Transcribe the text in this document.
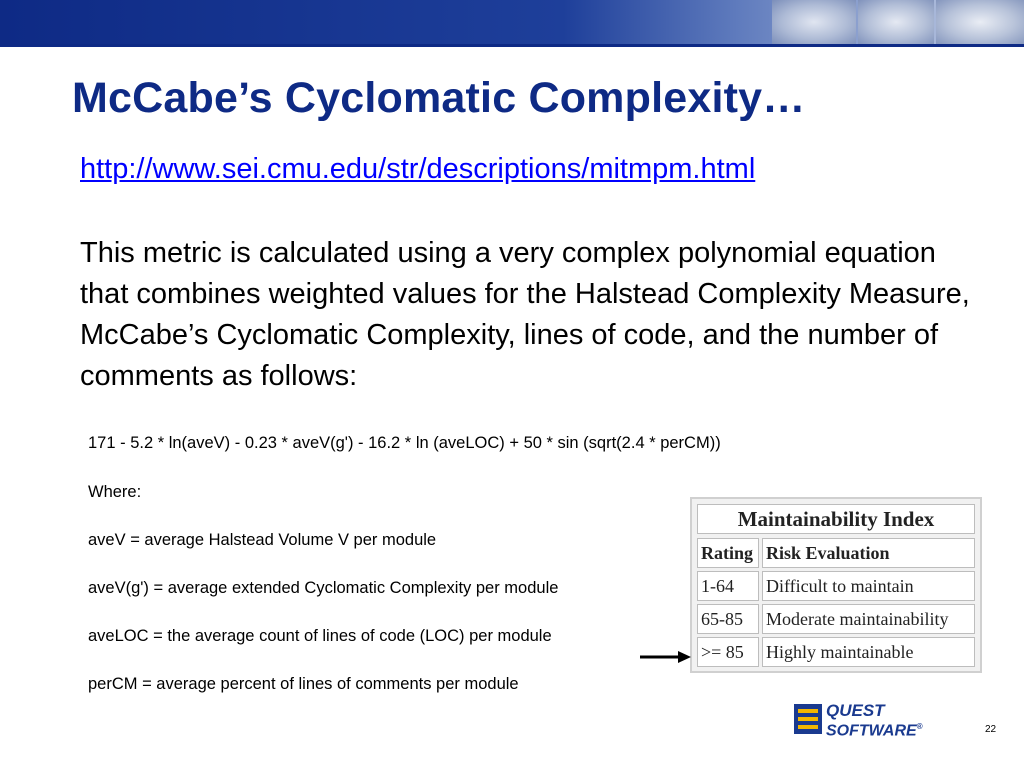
McCabe’s Cyclomatic Complexity…
http://www.sei.cmu.edu/str/descriptions/mitmpm.html

This metric is calculated using a very complex polynomial equation that combines weighted values for the Halstead Complexity Measure, McCabe’s Cyclomatic Complexity, lines of code, and the number of comments as follows:

171 - 5.2 * ln(aveV) - 0.23 * aveV(g') - 16.2 * ln (aveLOC) + 50 * sin (sqrt(2.4 * perCM))
Where:
aveV = average Halstead Volume V per module
aveV(g') = average extended Cyclomatic Complexity per module
aveLOC = the average count of lines of code (LOC) per module
perCM = average percent of lines of comments per module
Maintainability Index
Rating Risk Evaluation
1-64	Difficult to maintain
65-85	Moderate maintainability
>= 85	Highly maintainable
QUEST
SOFTWARE®	22
